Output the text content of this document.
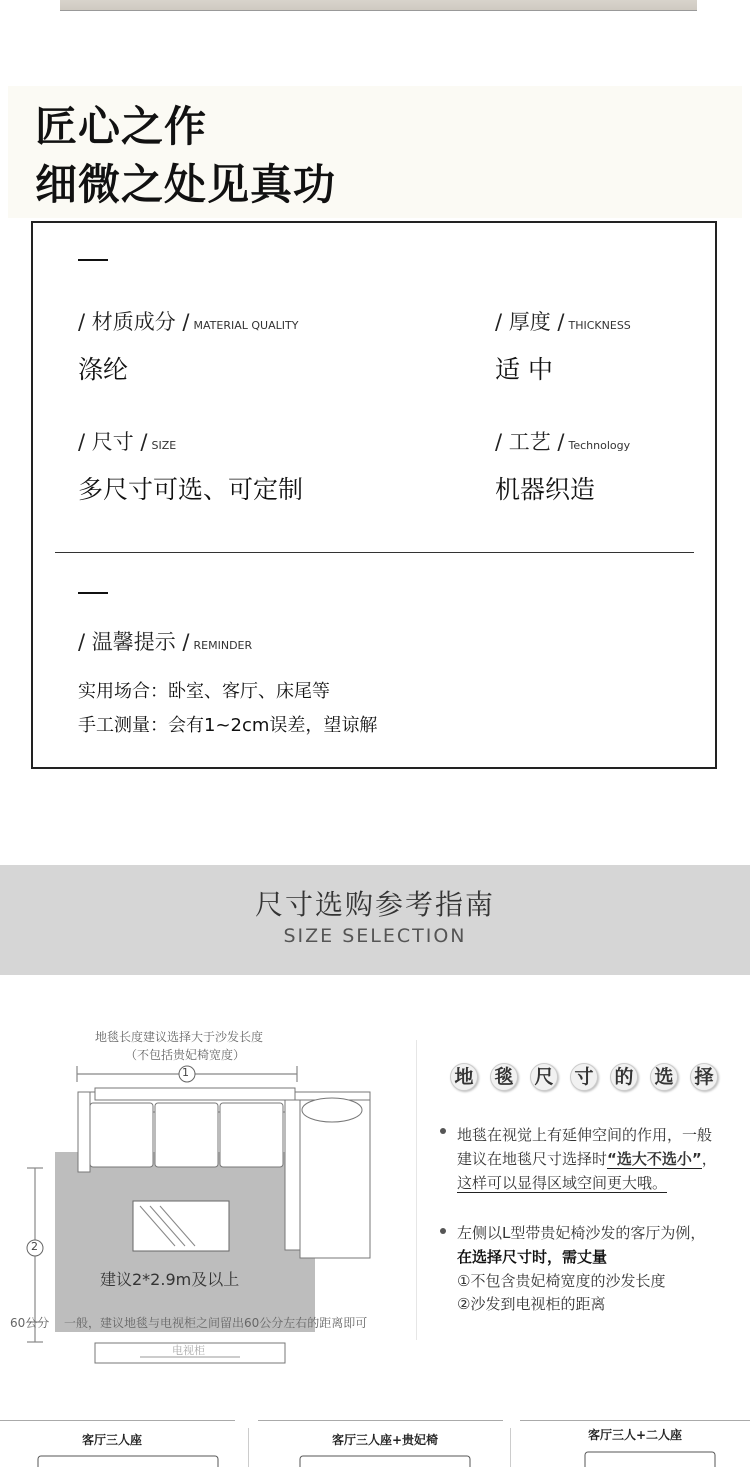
匠心之作
细微之处见真功
/ 材质成分 / MATERIAL QUALITY
涤纶
/ 厚度 / THICKNESS
适 中
/ 尺寸 / SIZE
多尺寸可选、可定制
/ 工艺 / Technology
机器织造
/ 温馨提示 / REMINDER
实用场合：卧室、客厅、床尾等
手工测量：会有1~2cm误差，望谅解
尺寸选购参考指南
SIZE SELECTION
地毯长度建议选择大于沙发长度
（不包括贵妃椅宽度）
1
2
建议2*2.9m及以上
60公分 一般，建议地毯与电视柜之间留出60公分左右的距离即可
电视柜
地 毯 尺 寸 的 选 择
地毯在视觉上有延伸空间的作用，一般
建议在地毯尺寸选择时“选大不选小”，
这样可以显得区域空间更大哦。
左侧以L型带贵妃椅沙发的客厅为例，
在选择尺寸时，需丈量
①不包含贵妃椅宽度的沙发长度
②沙发到电视柜的距离
客厅三人座	客厅三人座+贵妃椅	客厅三人+二人座
